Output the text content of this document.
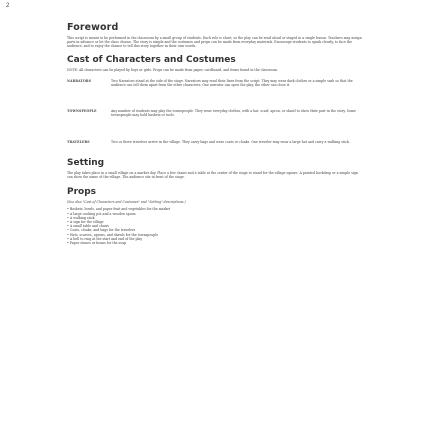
2
Foreword

This script is meant to be performed in the classroom by a small group of students. Each role is short, so the play can be read aloud or staged in a single lesson. Teachers may assign parts in advance or let the class choose. The story is simple and the costumes and props can be made from everyday materials. Encourage students to speak clearly, to face the audience, and to enjoy the chance to tell this story together in their own words.

Cast of Characters and Costumes

NOTE: All characters can be played by boys or girls. Props can be made from paper, cardboard, and items found in the classroom.

NARRATORS	Two Narrators stand at the side of the stage. Narrators may read their lines from the script. They may wear dark clothes or a simple sash so that the audience can tell them apart from the other characters. One narrator can open the play, the other can close it.
TOWNSPEOPLE	Any number of students may play the townspeople. They wear everyday clothes, with a hat, scarf, apron, or shawl to show their part in the story. Some townspeople may hold baskets or tools.
TRAVELERS	Two or three travelers arrive in the village. They carry bags and wear coats or cloaks. One traveler may wear a large hat and carry a walking stick.
Setting

The play takes place in a small village on a market day. Place a few chairs and a table at the center of the stage to stand for the village square. A painted backdrop or a simple sign can show the name of the village. The audience sits in front of the stage.

Props

(See also "Cast of Characters and Costumes" and "Setting" descriptions.)

• Baskets, bowls, and paper fruit and vegetables for the market
• A large cooking pot and a wooden spoon
• A walking stick
• A sign for the village
• A small table and chairs
• Coats, cloaks, and bags for the travelers
• Hats, scarves, aprons, and shawls for the townspeople
• A bell to ring at the start and end of the play
• Paper stones or beans for the soup
